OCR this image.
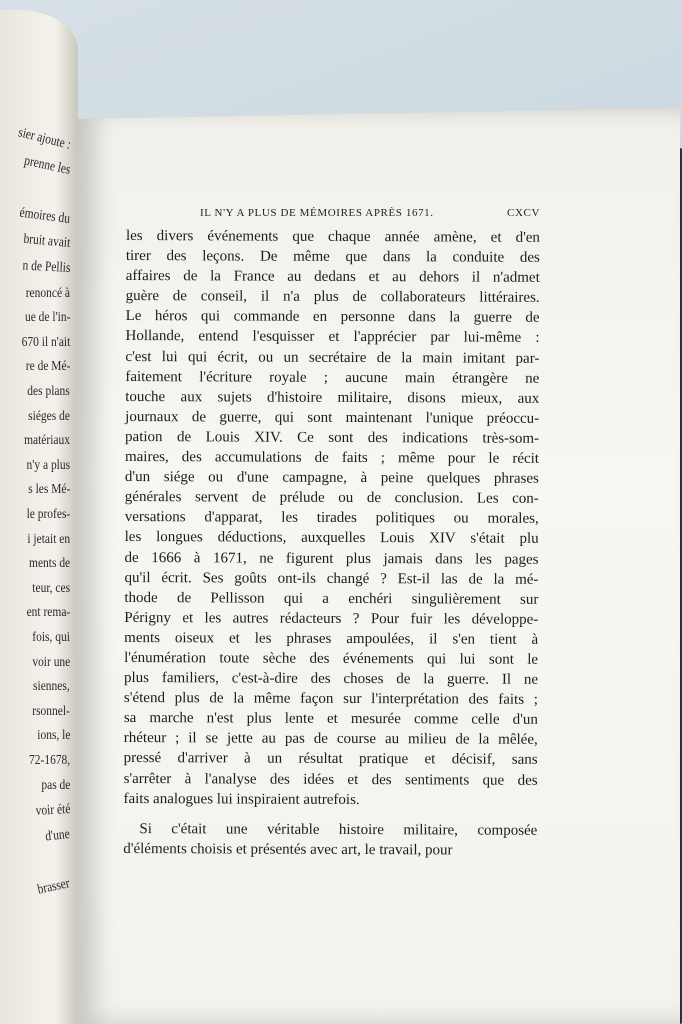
sier ajoute :
prenne les
émoires du
bruit avait
n de Pellis
renoncé à
ue de l'in-
670 il n'ait
re de Mé-
des plans
siéges de
matériaux
n'y a plus
s les Mé-
le profes-
i jetait en
ments de
teur, ces
ent rema-
fois, qui
voir une
siennes,
rsonnel-
ions, le
72-1678,
pas de
voir été
d'une
brasser
IL N'Y A PLUS DE MÉMOIRES APRÈS 1671.	CXCV
les divers événements que chaque année amène, et d'en
tirer des leçons. De même que dans la conduite des
affaires de la France au dedans et au dehors il n'admet
guère de conseil, il n'a plus de collaborateurs littéraires.
Le héros qui commande en personne dans la guerre de
Hollande, entend l'esquisser et l'apprécier par lui-même :
c'est lui qui écrit, ou un secrétaire de la main imitant par-
faitement l'écriture royale ; aucune main étrangère ne
touche aux sujets d'histoire militaire, disons mieux, aux
journaux de guerre, qui sont maintenant l'unique préoccu-
pation de Louis XIV. Ce sont des indications très-som-
maires, des accumulations de faits ; même pour le récit
d'un siége ou d'une campagne, à peine quelques phrases
générales servent de prélude ou de conclusion. Les con-
versations d'apparat, les tirades politiques ou morales,
les longues déductions, auxquelles Louis XIV s'était plu
de 1666 à 1671, ne figurent plus jamais dans les pages
qu'il écrit. Ses goûts ont-ils changé ? Est-il las de la mé-
thode de Pellisson qui a enchéri singulièrement sur
Périgny et les autres rédacteurs ? Pour fuir les développe-
ments oiseux et les phrases ampoulées, il s'en tient à
l'énumération toute sèche des événements qui lui sont le
plus familiers, c'est-à-dire des choses de la guerre. Il ne
s'étend plus de la même façon sur l'interprétation des faits ;
sa marche n'est plus lente et mesurée comme celle d'un
rhéteur ; il se jette au pas de course au milieu de la mêlée,
pressé d'arriver à un résultat pratique et décisif, sans
s'arrêter à l'analyse des idées et des sentiments que des
faits analogues lui inspiraient autrefois.
Si c'était une véritable histoire militaire, composée
d'éléments choisis et présentés avec art, le travail, pour
